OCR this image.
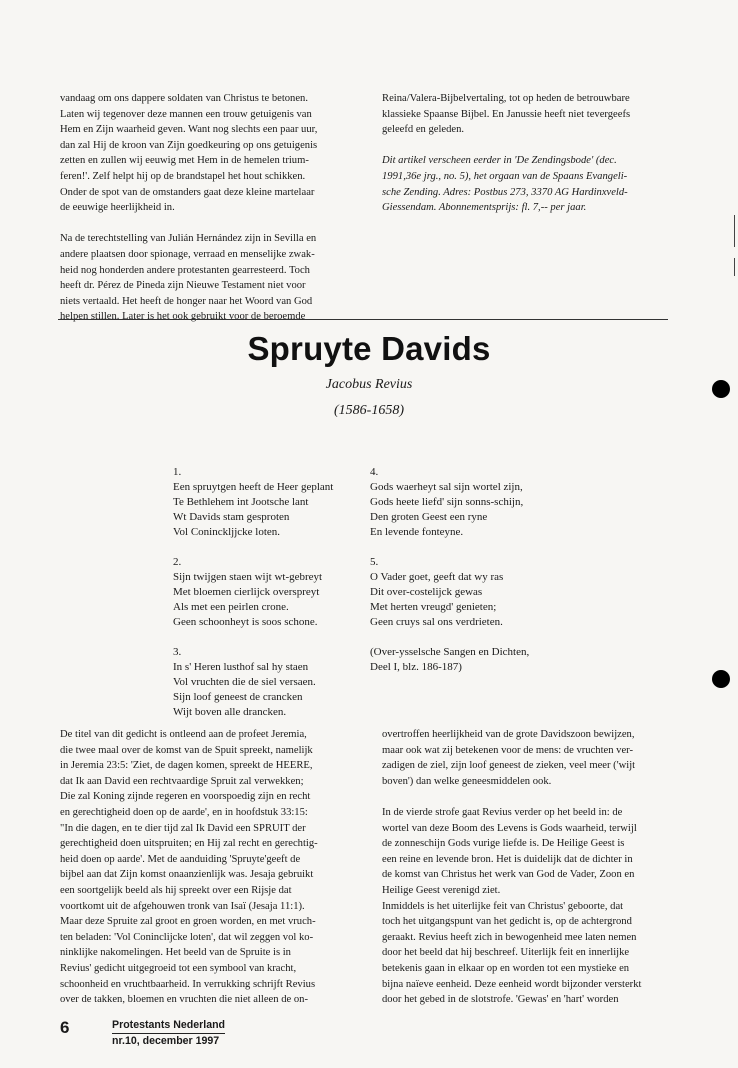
vandaag om ons dappere soldaten van Christus te betonen.

Laten wij tegenover deze mannen een trouw getuigenis van

Hem en Zijn waarheid geven. Want nog slechts een paar uur,

dan zal Hij de kroon van Zijn goedkeuring op ons getuigenis

zetten en zullen wij eeuwig met Hem in de hemelen trium-

feren!'. Zelf helpt hij op de brandstapel het hout schikken.

Onder de spot van de omstanders gaat deze kleine martelaar

de eeuwige heerlijkheid in.

Na de terechtstelling van Julián Hernández zijn in Sevilla en

andere plaatsen door spionage, verraad en menselijke zwak-

heid nog honderden andere protestanten gearresteerd. Toch

heeft dr. Pérez de Pineda zijn Nieuwe Testament niet voor

niets vertaald. Het heeft de honger naar het Woord van God

helpen stillen. Later is het ook gebruikt voor de beroemde

Reina/Valera-Bijbelvertaling, tot op heden de betrouwbare

klassieke Spaanse Bijbel. En Janussie heeft niet tevergeefs

geleefd en geleden.

Dit artikel verscheen eerder in 'De Zendingsbode' (dec.

1991,36e jrg., no. 5), het orgaan van de Spaans Evangeli-

sche Zending. Adres: Postbus 273, 3370 AG Hardinxveld-

Giessendam. Abonnementsprijs: fl. 7,-- per jaar.

Spruyte Davids
Jacobus Revius
(1586-1658)
1.
Een spruytgen heeft de Heer geplant
Te Bethlehem int Jootsche lant
Wt Davids stam gesproten
Vol Coninckljjcke loten.
2.
Sijn twijgen staen wijt wt-gebreyt
Met bloemen cierlijck overspreyt
Als met een peirlen crone.
Geen schoonheyt is soos schone.
3.
In s' Heren lusthof sal hy staen
Vol vruchten die de siel versaen.
Sijn loof geneest de crancken
Wijt boven alle drancken.
4.
Gods waerheyt sal sijn wortel zijn,
Gods heete liefd' sijn sonns-schijn,
Den groten Geest een ryne
En levende fonteyne.
5.
O Vader goet, geeft dat wy ras
Dit over-costelijck gewas
Met herten vreugd' genieten;
Geen cruys sal ons verdrieten.
(Over-ysselsche Sangen en Dichten,
Deel I, blz. 186-187)

De titel van dit gedicht is ontleend aan de profeet Jeremia,

die twee maal over de komst van de Spuit spreekt, namelijk

in Jeremia 23:5: 'Ziet, de dagen komen, spreekt de HEERE,

dat Ik aan David een rechtvaardige Spruit zal verwekken;

Die zal Koning zijnde regeren en voorspoedig zijn en recht

en gerechtigheid doen op de aarde', en in hoofdstuk 33:15:

"In die dagen, en te dier tijd zal Ik David een SPRUIT der

gerechtigheid doen uitspruiten; en Hij zal recht en gerechtig-

heid doen op aarde'. Met de aanduiding 'Spruyte'geeft de

bijbel aan dat Zijn komst onaanzienlijk was. Jesaja gebruikt

een soortgelijk beeld als hij spreekt over een Rijsje dat

voortkomt uit de afgehouwen tronk van Isaï (Jesaja 11:1).

Maar deze Spruite zal groot en groen worden, en met vruch-

ten beladen: 'Vol Coninclijcke loten', dat wil zeggen vol ko-

ninklijke nakomelingen. Het beeld van de Spruite is in

Revius' gedicht uitgegroeid tot een symbool van kracht,

schoonheid en vruchtbaarheid. In verrukking schrijft Revius

over de takken, bloemen en vruchten die niet alleen de on-

overtroffen heerlijkheid van de grote Davidszoon bewijzen,

maar ook wat zij betekenen voor de mens: de vruchten ver-

zadigen de ziel, zijn loof geneest de zieken, veel meer ('wijt

boven') dan welke geneesmiddelen ook.

In de vierde strofe gaat Revius verder op het beeld in: de

wortel van deze Boom des Levens is Gods waarheid, terwijl

de zonneschijn Gods vurige liefde is. De Heilige Geest is

een reine en levende bron. Het is duidelijk dat de dichter in

de komst van Christus het werk van God de Vader, Zoon en

Heilige Geest verenigd ziet.

Inmiddels is het uiterlijke feit van Christus' geboorte, dat

toch het uitgangspunt van het gedicht is, op de achtergrond

geraakt. Revius heeft zich in bewogenheid mee laten nemen

door het beeld dat hij beschreef. Uiterlijk feit en innerlijke

betekenis gaan in elkaar op en worden tot een mystieke en

bijna naïeve eenheid. Deze eenheid wordt bijzonder versterkt

door het gebed in de slotstrofe. 'Gewas' en 'hart' worden

6	Protestants Nederland
nr.10, december 1997
